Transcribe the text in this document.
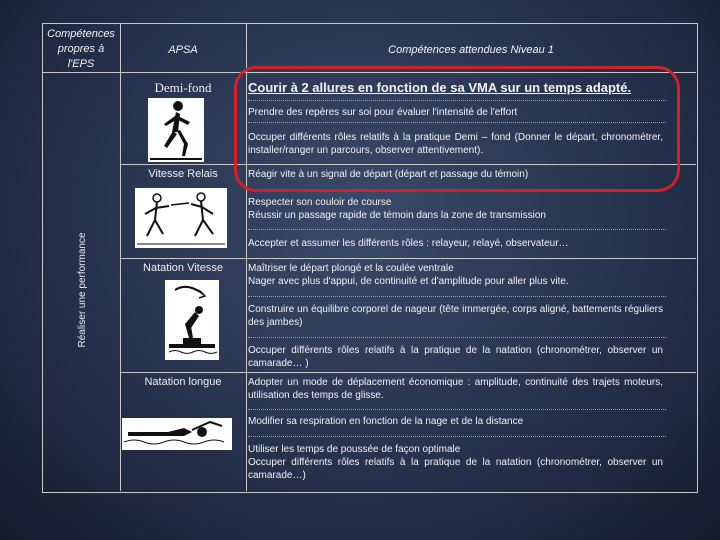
Compétences propres à l'EPS
APSA	Compétences attendues Niveau 1
Réaliser une performance
Demi-fond	Courir à 2 allures en fonction de sa VMA sur un temps adapté.
Prendre des repères sur soi pour évaluer l'intensité de l'effort
Occuper différents rôles relatifs à la pratique Demi – fond (Donner le départ, chronométrer, installer/ranger un parcours, observer attentivement).
Vitesse Relais	Réagir vite à un signal de départ (départ et passage du témoin)
Respecter son couloir de course
Réussir un passage rapide de témoin dans la zone de transmission
Accepter et assumer les différents rôles : relayeur, relayé, observateur…
Natation Vitesse	Maîtriser le départ plongé et la coulée ventrale
Nager avec plus d'appui, de continuité et d'amplitude pour aller plus vite.
Construire un équilibre corporel de nageur (tête immergée, corps aligné, battements réguliers des jambes)
Occuper différents rôles relatifs à la pratique de la natation (chronométrer, observer un camarade… )
Natation longue	Adopter un mode de déplacement économique : amplitude, continuité des trajets moteurs, utilisation des temps de glisse.
Modifier sa respiration en fonction de la nage et de la distance
Utiliser les temps de poussée de façon optimale
Occuper différents rôles relatifs à la pratique de la natation (chronométrer, observer un camarade…)
